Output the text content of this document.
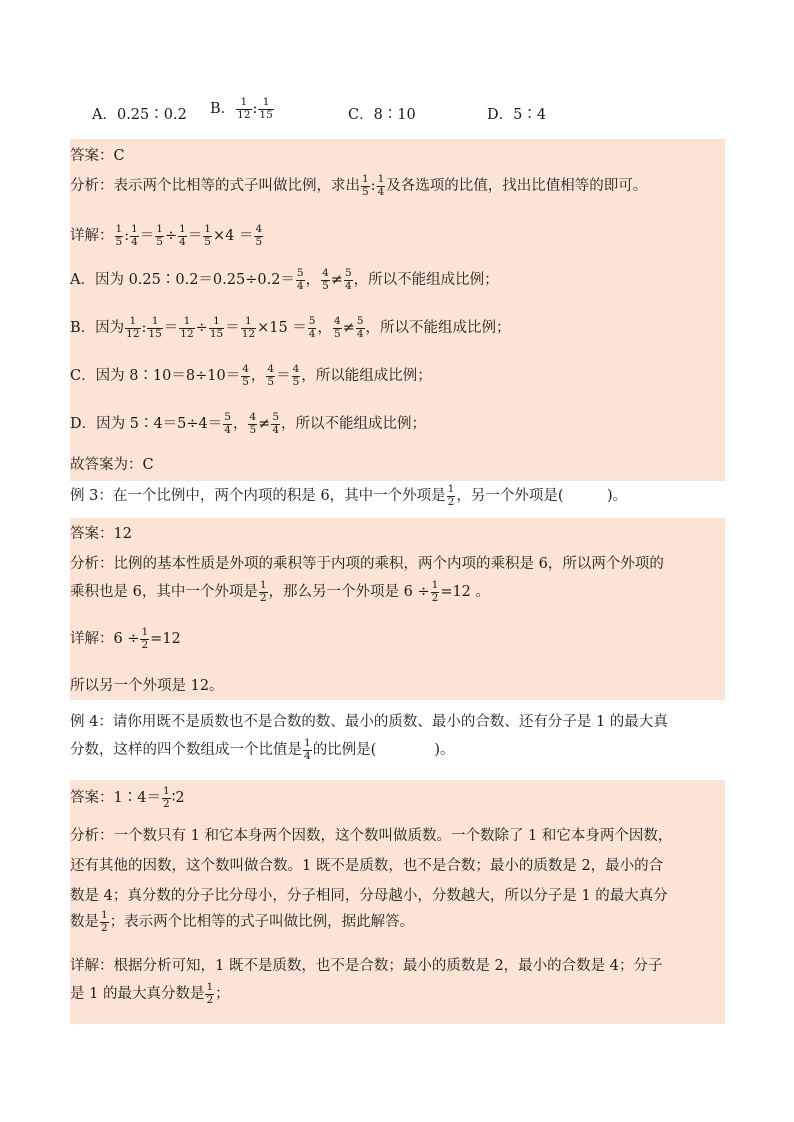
A．0.25∶0.2 B． $\frac{1}{12}$ : $\frac{1}{15}$	C．8∶10	D．5∶4
答案：C
分析：表示两个比相等的式子叫做比例，求出 $\frac{1}{5}$ : $\frac{1}{4}$ 及各选项的比值，找出比值相等的即可。
详解： $\frac{1}{5}$ : $\frac{1}{4} = \frac{1}{5} \div \frac{1}{4} = \frac{1}{5} \times 4 = \frac{4}{5}$
A．因为 0.25∶0.2＝0.25÷0.2＝ $\frac{5}{4}$ ， $\frac{4}{5} \ne \frac{5}{4}$ ，所以不能组成比例；
B．因为 $\frac{1}{12}$ : $\frac{1}{15} = \frac{1}{12} \div \frac{1}{15} = \frac{1}{12} \times 15 = \frac{5}{4}$ ， $\frac{4}{5} \ne \frac{5}{4}$ ，所以不能组成比例；
C．因为 8∶10＝8÷10＝ $\frac{4}{5}$ ， $\frac{4}{5} = \frac{4}{5}$ ，所以能组成比例；
D．因为 5∶4＝5÷4＝ $\frac{5}{4}$ ， $\frac{4}{5} \ne \frac{5}{4}$ ，所以不能组成比例；
故答案为：C
例 3：在一个比例中，两个内项的积是 6，其中一个外项是 $\frac{1}{2}$ ，另一个外项是(　　　)。
答案：12
分析：比例的基本性质是外项的乘积等于内项的乘积，两个内项的乘积是 6，所以两个外项的
乘积也是 6，其中一个外项是 $\frac{1}{2}$ ，那么另一个外项是 $6 \div \frac{1}{2} =12$ 。
详解：$6 \div \frac{1}{2} =12$
所以另一个外项是 12。
例 4：请你用既不是质数也不是合数的数、最小的质数、最小的合数、还有分子是 1 的最大真
分数，这样的四个数组成一个比值是 $\frac{1}{4}$ 的比例是(　　　　)。
答案：1∶4＝ $\frac{1}{2}$ ∶2
分析：一个数只有 1 和它本身两个因数，这个数叫做质数。一个数除了 1 和它本身两个因数，
还有其他的因数，这个数叫做合数。1 既不是质数，也不是合数；最小的质数是 2，最小的合
数是 4；真分数的分子比分母小，分子相同，分母越小，分数越大，所以分子是 1 的最大真分
数是 $\frac{1}{2}$ ；表示两个比相等的式子叫做比例，据此解答。
详解：根据分析可知，1 既不是质数，也不是合数；最小的质数是 2，最小的合数是 4；分子
是 1 的最大真分数是 $\frac{1}{2}$ ；
